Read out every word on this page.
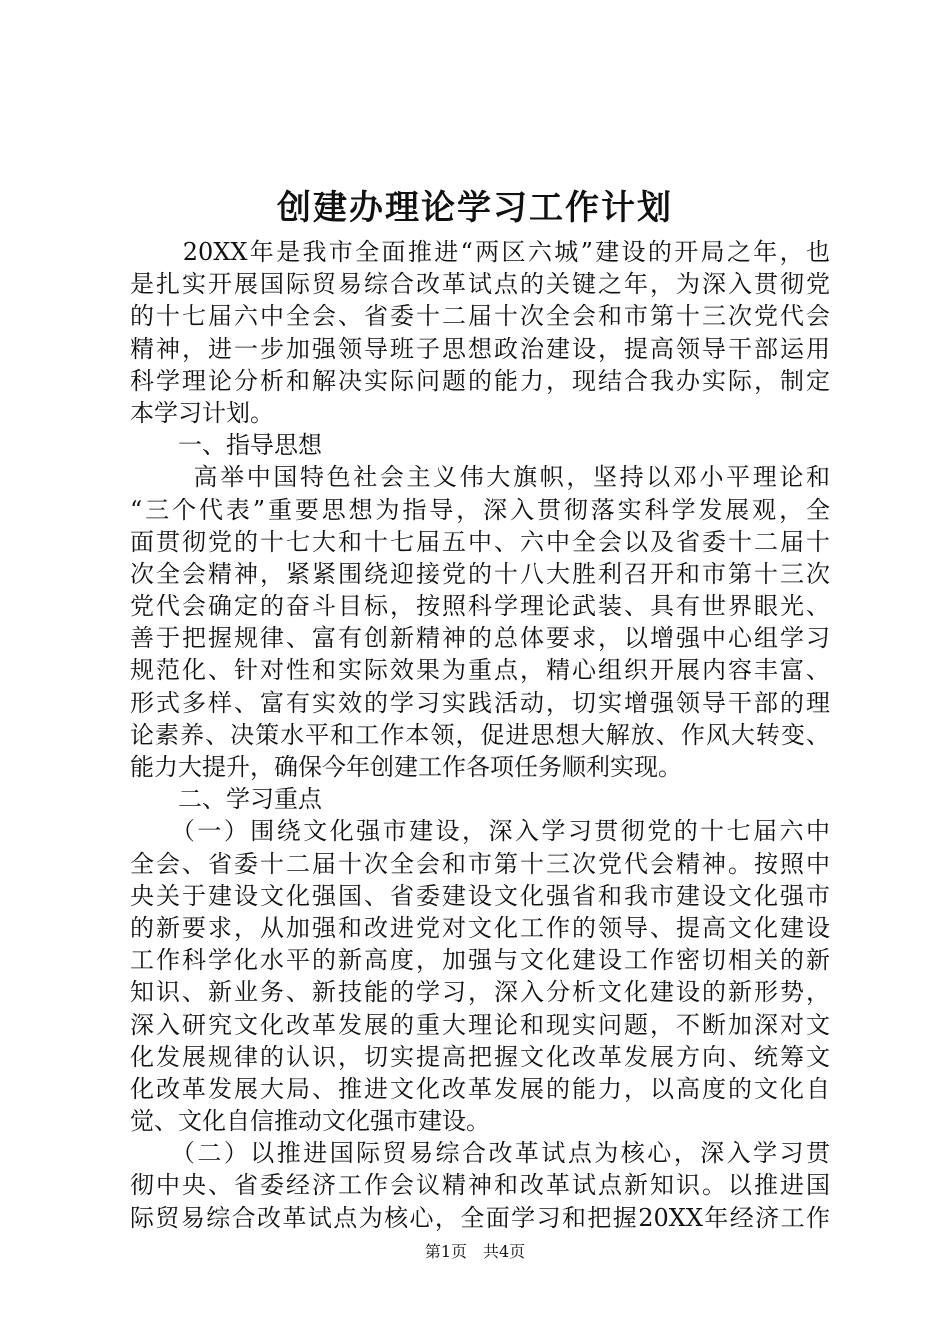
创建办理论学习工作计划
　　20XX年是我市全面推进“两区六城”建设的开局之年，也
是扎实开展国际贸易综合改革试点的关键之年，为深入贯彻党
的十七届六中全会、省委十二届十次全会和市第十三次党代会
精神，进一步加强领导班子思想政治建设，提高领导干部运用
科学理论分析和解决实际问题的能力，现结合我办实际，制定
本学习计划。
　　一、指导思想
　　 高举中国特色社会主义伟大旗帜，坚持以邓小平理论和
“三个代表”重要思想为指导，深入贯彻落实科学发展观，全
面贯彻党的十七大和十七届五中、六中全会以及省委十二届十
次全会精神，紧紧围绕迎接党的十八大胜利召开和市第十三次
党代会确定的奋斗目标，按照科学理论武装、具有世界眼光、
善于把握规律、富有创新精神的总体要求，以增强中心组学习
规范化、针对性和实际效果为重点，精心组织开展内容丰富、
形式多样、富有实效的学习实践活动，切实增强领导干部的理
论素养、决策水平和工作本领，促进思想大解放、作风大转变、
能力大提升，确保今年创建工作各项任务顺利实现。
　　二、学习重点
　　（一）围绕文化强市建设，深入学习贯彻党的十七届六中
全会、省委十二届十次全会和市第十三次党代会精神。按照中
央关于建设文化强国、省委建设文化强省和我市建设文化强市
的新要求，从加强和改进党对文化工作的领导、提高文化建设
工作科学化水平的新高度，加强与文化建设工作密切相关的新
知识、新业务、新技能的学习，深入分析文化建设的新形势，
深入研究文化改革发展的重大理论和现实问题，不断加深对文
化发展规律的认识，切实提高把握文化改革发展方向、统筹文
化改革发展大局、推进文化改革发展的能力，以高度的文化自
觉、文化自信推动文化强市建设。
　　（二）以推进国际贸易综合改革试点为核心，深入学习贯
彻中央、省委经济工作会议精神和改革试点新知识。以推进国
际贸易综合改革试点为核心，全面学习和把握20XX年经济工作
第1页　共4页
